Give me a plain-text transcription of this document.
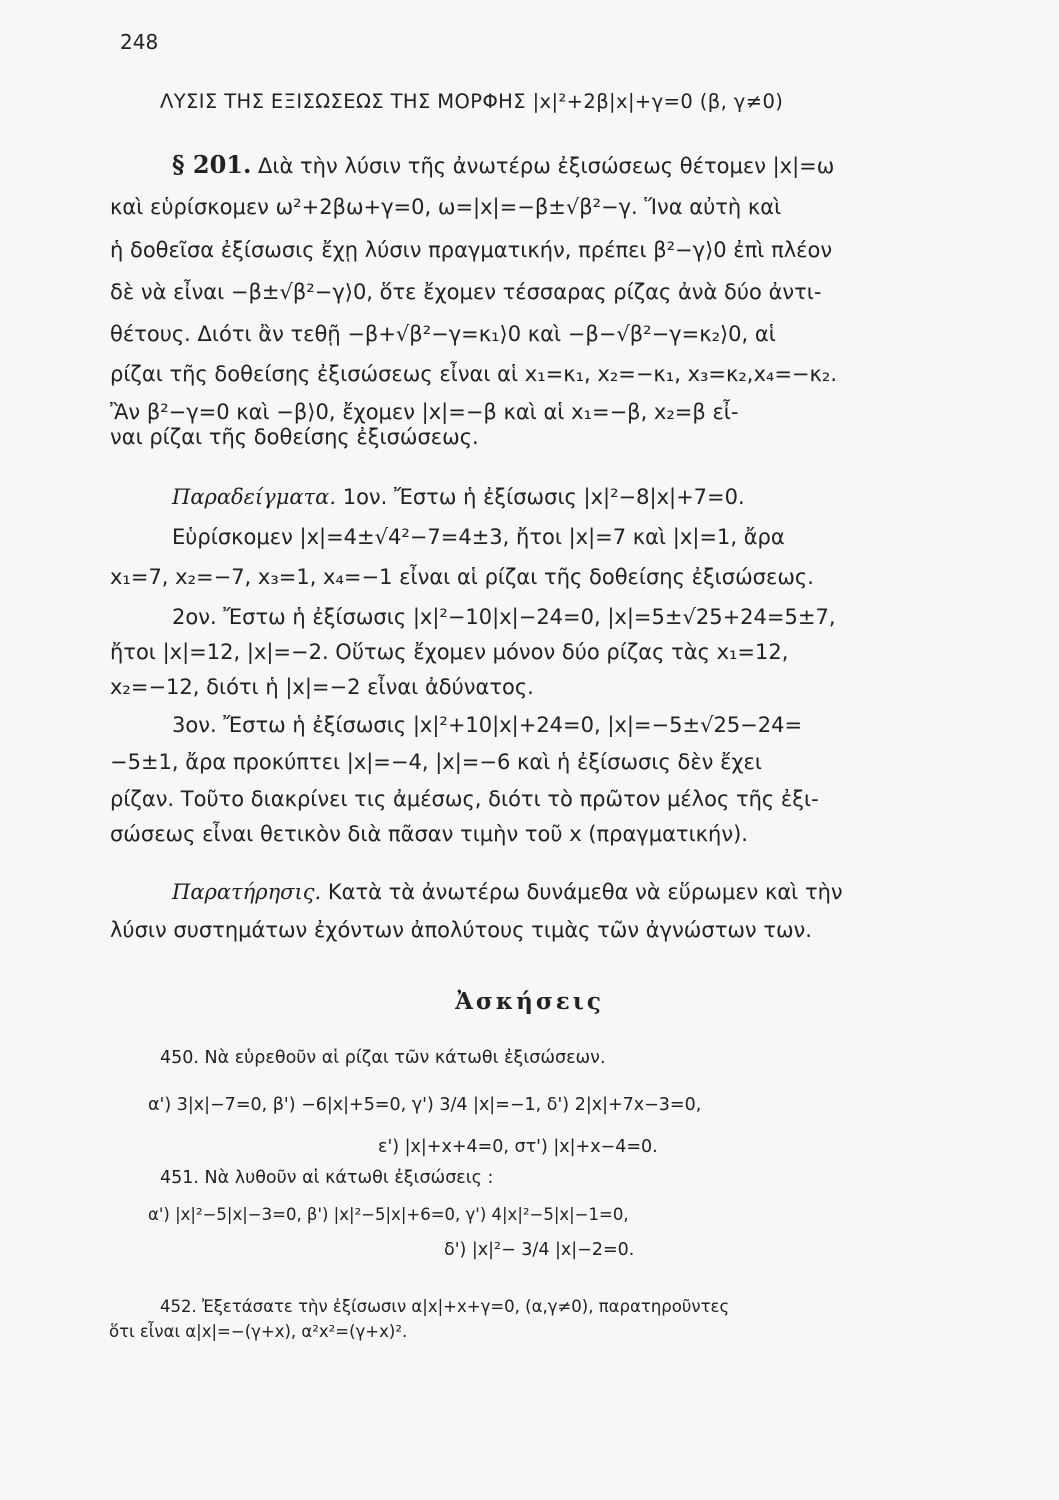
248
ΛΥΣΙΣ ΤΗΣ ΕΞΙΣΩΣΕΩΣ ΤΗΣ ΜΟΡΦΗΣ |x|²+2β|x|+γ=0 (β, γ≠0)
§ 201. Διὰ τὴν λύσιν τῆς ἀνωτέρω ἐξισώσεως θέτομεν |x|=ω
καὶ εὑρίσκομεν ω²+2βω+γ=0, ω=|x|=−β±√β²−γ. Ἵνα αὐτὴ καὶ
ἡ δοθεῖσα ἐξίσωσις ἔχῃ λύσιν πραγματικήν, πρέπει β²−γ⟩0 ἐπὶ πλέον
δὲ νὰ εἶναι −β±√β²−γ⟩0, ὅτε ἔχομεν τέσσαρας ρίζας ἀνὰ δύο ἀντι-
θέτους. Διότι ἂν τεθῇ −β+√β²−γ=κ₁⟩0 καὶ −β−√β²−γ=κ₂⟩0, αἱ
ρίζαι τῆς δοθείσης ἐξισώσεως εἶναι αἱ x₁=κ₁, x₂=−κ₁, x₃=κ₂,x₄=−κ₂.
Ἂν β²−γ=0 καὶ −β⟩0, ἔχομεν |x|=−β καὶ αἱ x₁=−β, x₂=β εἶ-
ναι ρίζαι τῆς δοθείσης ἐξισώσεως.
Παραδείγματα. 1ον. Ἔστω ἡ ἐξίσωσις |x|²−8|x|+7=0.
Εὑρίσκομεν |x|=4±√4²−7=4±3, ἤτοι |x|=7 καὶ |x|=1, ἄρα
x₁=7, x₂=−7, x₃=1, x₄=−1 εἶναι αἱ ρίζαι τῆς δοθείσης ἐξισώσεως.
2ον. Ἔστω ἡ ἐξίσωσις |x|²−10|x|−24=0, |x|=5±√25+24=5±7,
ἤτοι |x|=12, |x|=−2. Οὕτως ἔχομεν μόνον δύο ρίζας τὰς x₁=12,
x₂=−12, διότι ἡ |x|=−2 εἶναι ἀδύνατος.
3ον. Ἔστω ἡ ἐξίσωσις |x|²+10|x|+24=0, |x|=−5±√25−24=
−5±1, ἄρα προκύπτει |x|=−4, |x|=−6 καὶ ἡ ἐξίσωσις δὲν ἔχει
ρίζαν. Τοῦτο διακρίνει τις ἀμέσως, διότι τὸ πρῶτον μέλος τῆς ἐξι-
σώσεως εἶναι θετικὸν διὰ πᾶσαν τιμὴν τοῦ x (πραγματικήν).
Παρατήρησις. Κατὰ τὰ ἀνωτέρω δυνάμεθα νὰ εὕρωμεν καὶ τὴν
λύσιν συστημάτων ἐχόντων ἀπολύτους τιμὰς τῶν ἀγνώστων των.
Ἀσκήσεις
450. Νὰ εὑρεθοῦν αἱ ρίζαι τῶν κάτωθι ἐξισώσεων.
α') 3|x|−7=0, β') −6|x|+5=0, γ') 3/4 |x|=−1, δ') 2|x|+7x−3=0,
ε') |x|+x+4=0, στ') |x|+x−4=0.
451. Νὰ λυθοῦν αἱ κάτωθι ἐξισώσεις :
α') |x|²−5|x|−3=0, β') |x|²−5|x|+6=0, γ') 4|x|²−5|x|−1=0,
δ') |x|²− 3/4 |x|−2=0.
452. Ἐξετάσατε τὴν ἐξίσωσιν α|x|+x+γ=0, (α,γ≠0), παρατηροῦντες
ὅτι εἶναι α|x|=−(γ+x), α²x²=(γ+x)².
